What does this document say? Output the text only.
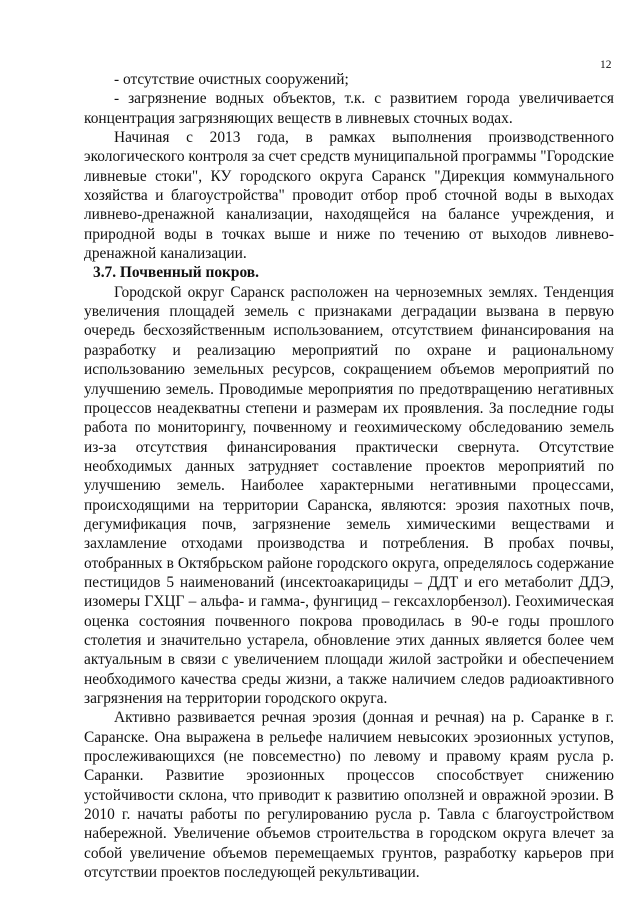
12

- отсутствие очистных сооружений;

- загрязнение водных объектов, т.к. с развитием города увеличивается концентрация загрязняющих веществ в ливневых сточных водах.

Начиная с 2013 года, в рамках выполнения производственного экологического контроля за счет средств муниципальной программы "Городские ливневые стоки", КУ городского округа Саранск "Дирекция коммунального хозяйства и благоустройства" проводит отбор проб сточной воды в выходах ливнево-дренажной канализации, находящейся на балансе учреждения, и природной воды в точках выше и ниже по течению от выходов ливнево-дренажной канализации.

3.7. Почвенный покров.

Городской округ Саранск расположен на черноземных землях. Тенденция увеличения площадей земель с признаками деградации вызвана в первую очередь бесхозяйственным использованием, отсутствием финансирования на разработку и реализацию мероприятий по охране и рациональному использованию земельных ресурсов, сокращением объемов мероприятий по улучшению земель. Проводимые мероприятия по предотвращению негативных процессов неадекватны степени и размерам их проявления. За последние годы работа по мониторингу, почвенному и геохимическому обследованию земель из-за отсутствия финансирования практически свернута. Отсутствие необходимых данных затрудняет составление проектов мероприятий по улучшению земель. Наиболее характерными негативными процессами, происходящими на территории Саранска, являются: эрозия пахотных почв, дегумификация почв, загрязнение земель химическими веществами и захламление отходами производства и потребления. В пробах почвы, отобранных в Октябрьском районе городского округа, определялось содержание пестицидов 5 наименований (инсектоакарициды – ДДТ и его метаболит ДДЭ, изомеры ГХЦГ – альфа- и гамма-, фунгицид – гексахлорбензол). Геохимическая оценка состояния почвенного покрова проводилась в 90-е годы прошлого столетия и значительно устарела, обновление этих данных является более чем актуальным в связи с увеличением площади жилой застройки и обеспечением необходимого качества среды жизни, а также наличием следов радиоактивного загрязнения на территории городского округа.

Активно развивается речная эрозия (донная и речная) на р. Саранке в г. Саранске. Она выражена в рельефе наличием невысоких эрозионных уступов, прослеживающихся (не повсеместно) по левому и правому краям русла р. Саранки. Развитие эрозионных процессов способствует снижению устойчивости склона, что приводит к развитию оползней и овражной эрозии. В 2010 г. начаты работы по регулированию русла р. Тавла с благоустройством набережной. Увеличение объемов строительства в городском округа влечет за собой увеличение объемов перемещаемых грунтов, разработку карьеров при отсутствии проектов последующей рекультивации.
